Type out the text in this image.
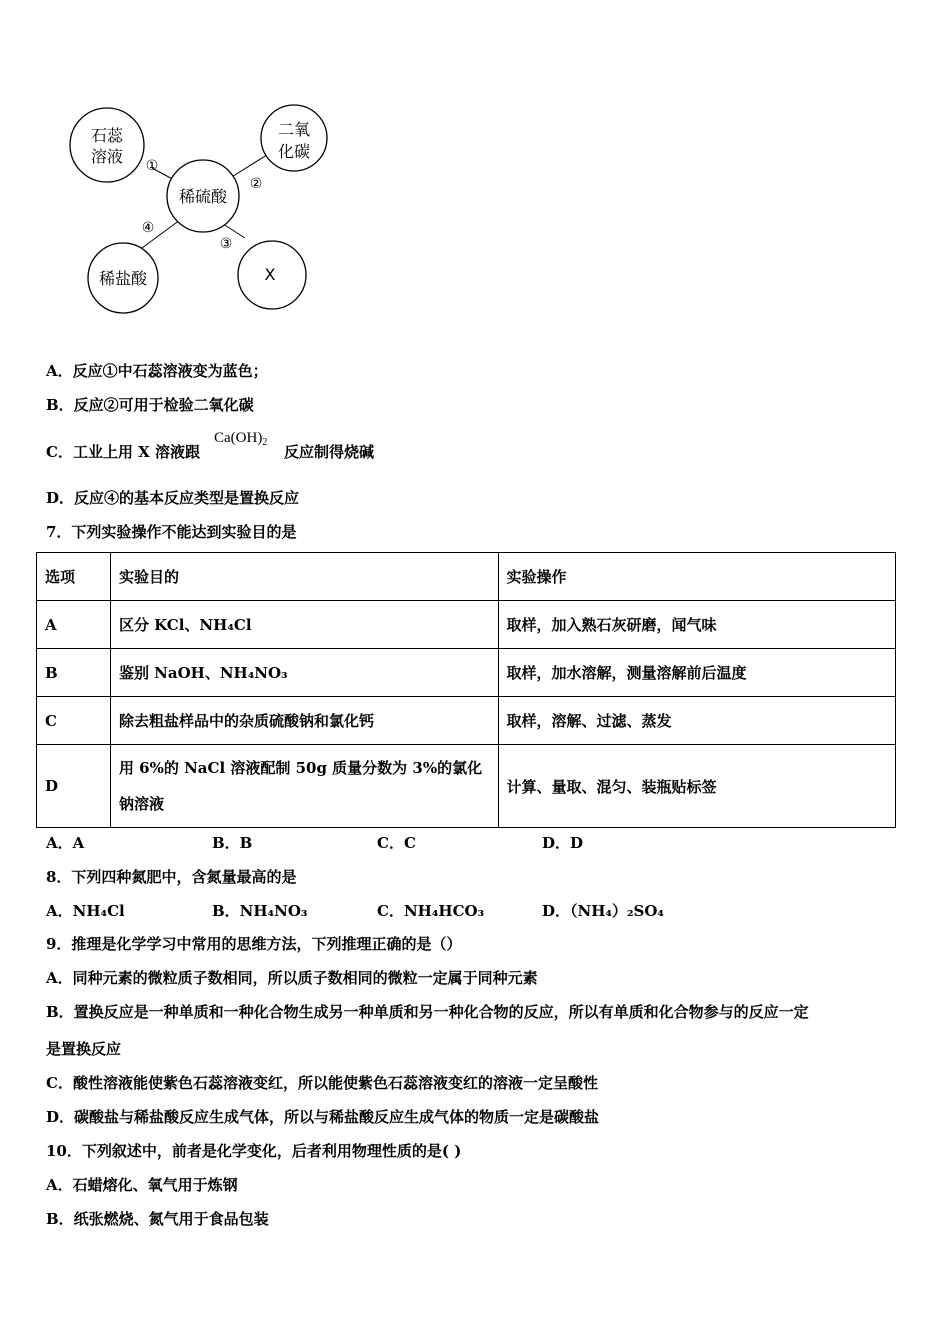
石蕊
溶液
二氧
化碳
稀硫酸
稀盐酸	X
①
②
③
④
A．反应①中石蕊溶液变为蓝色；
B．反应②可用于检验二氧化碳
C．工业上用 X 溶液跟
$Ca(OH)_2$
反应制得烧碱
D．反应④的基本反应类型是置换反应
7．下列实验操作不能达到实验目的是
选项	实验目的	实验操作
A	区分 KCl、NH₄Cl	取样，加入熟石灰研磨，闻气味
B	鉴别 NaOH、NH₄NO₃	取样，加水溶解，测量溶解前后温度
C	除去粗盐样品中的杂质硫酸钠和氯化钙	取样，溶解、过滤、蒸发
D	用 6%的 NaCl 溶液配制 50g 质量分数为 3%的氯化
钠溶液	计算、量取、混匀、装瓶贴标签
A．A	B．B	C．C	D．D
8．下列四种氮肥中，含氮量最高的是
A．NH₄Cl	B．NH₄NO₃	C．NH₄HCO₃	D．（NH₄）₂SO₄
9．推理是化学学习中常用的思维方法，下列推理正确的是（）
A．同种元素的微粒质子数相同，所以质子数相同的微粒一定属于同种元素
B．置换反应是一种单质和一种化合物生成另一种单质和另一种化合物的反应，所以有单质和化合物参与的反应一定
是置换反应
C．酸性溶液能使紫色石蕊溶液变红，所以能使紫色石蕊溶液变红的溶液一定呈酸性
D．碳酸盐与稀盐酸反应生成气体，所以与稀盐酸反应生成气体的物质一定是碳酸盐
10．下列叙述中，前者是化学变化，后者利用物理性质的是( )
A．石蜡熔化、氧气用于炼钢
B．纸张燃烧、氮气用于食品包装
